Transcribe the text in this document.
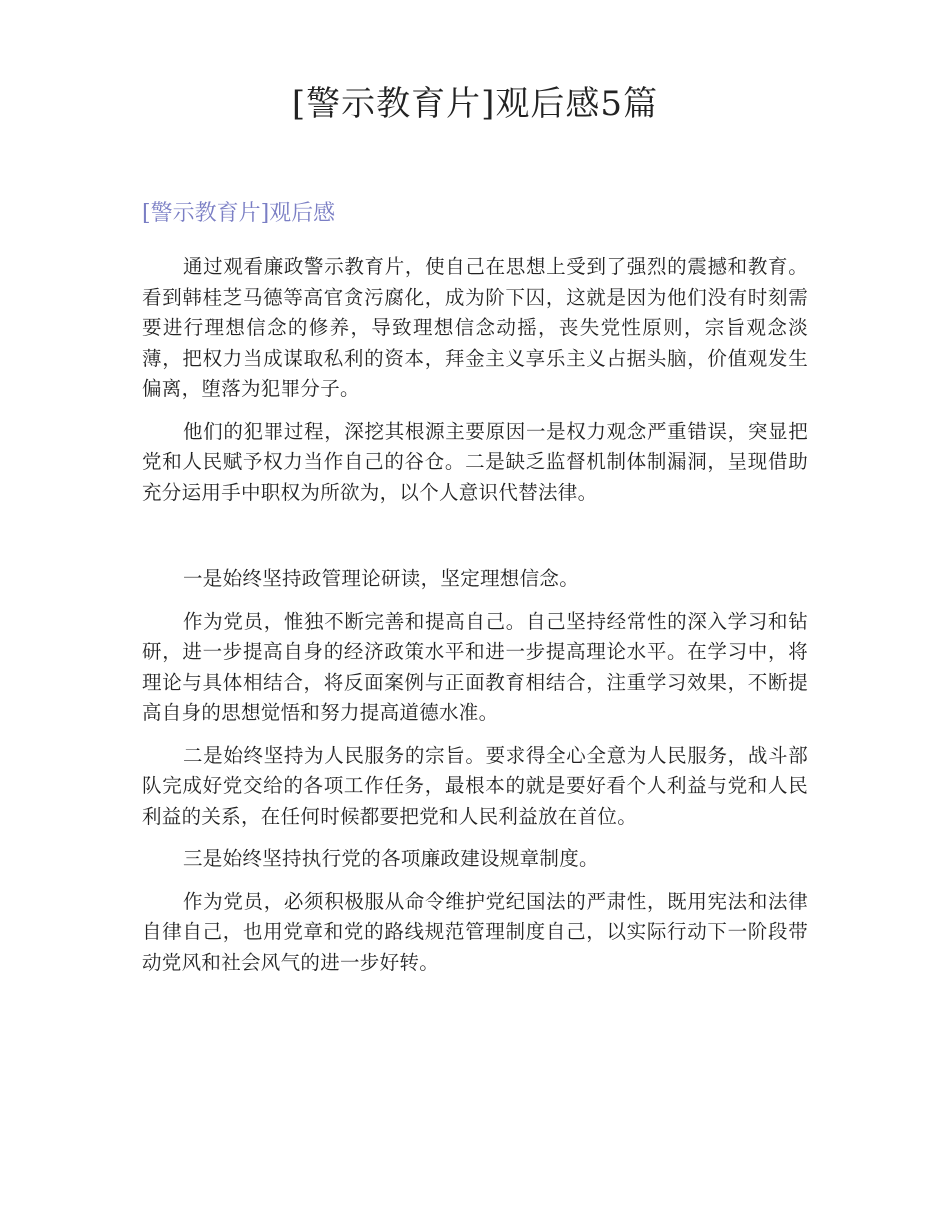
[警示教育片]观后感5篇
[警示教育片]观后感

通过观看廉政警示教育片，使自己在思想上受到了强烈的震撼和教育。看到韩桂芝马德等高官贪污腐化，成为阶下囚，这就是因为他们没有时刻需要进行理想信念的修养，导致理想信念动摇，丧失党性原则，宗旨观念淡薄，把权力当成谋取私利的资本，拜金主义享乐主义占据头脑，价值观发生偏离，堕落为犯罪分子。

他们的犯罪过程，深挖其根源主要原因一是权力观念严重错误，突显把党和人民赋予权力当作自己的谷仓。二是缺乏监督机制体制漏洞，呈现借助充分运用手中职权为所欲为，以个人意识代替法律。

一是始终坚持政管理论研读，坚定理想信念。

作为党员，惟独不断完善和提高自己。自己坚持经常性的深入学习和钻研，进一步提高自身的经济政策水平和进一步提高理论水平。在学习中，将理论与具体相结合，将反面案例与正面教育相结合，注重学习效果，不断提高自身的思想觉悟和努力提高道德水准。

二是始终坚持为人民服务的宗旨。要求得全心全意为人民服务，战斗部队完成好党交给的各项工作任务，最根本的就是要好看个人利益与党和人民利益的关系，在任何时候都要把党和人民利益放在首位。

三是始终坚持执行党的各项廉政建设规章制度。

作为党员，必须积极服从命令维护党纪国法的严肃性，既用宪法和法律自律自己，也用党章和党的路线规范管理制度自己，以实际行动下一阶段带动党风和社会风气的进一步好转。
